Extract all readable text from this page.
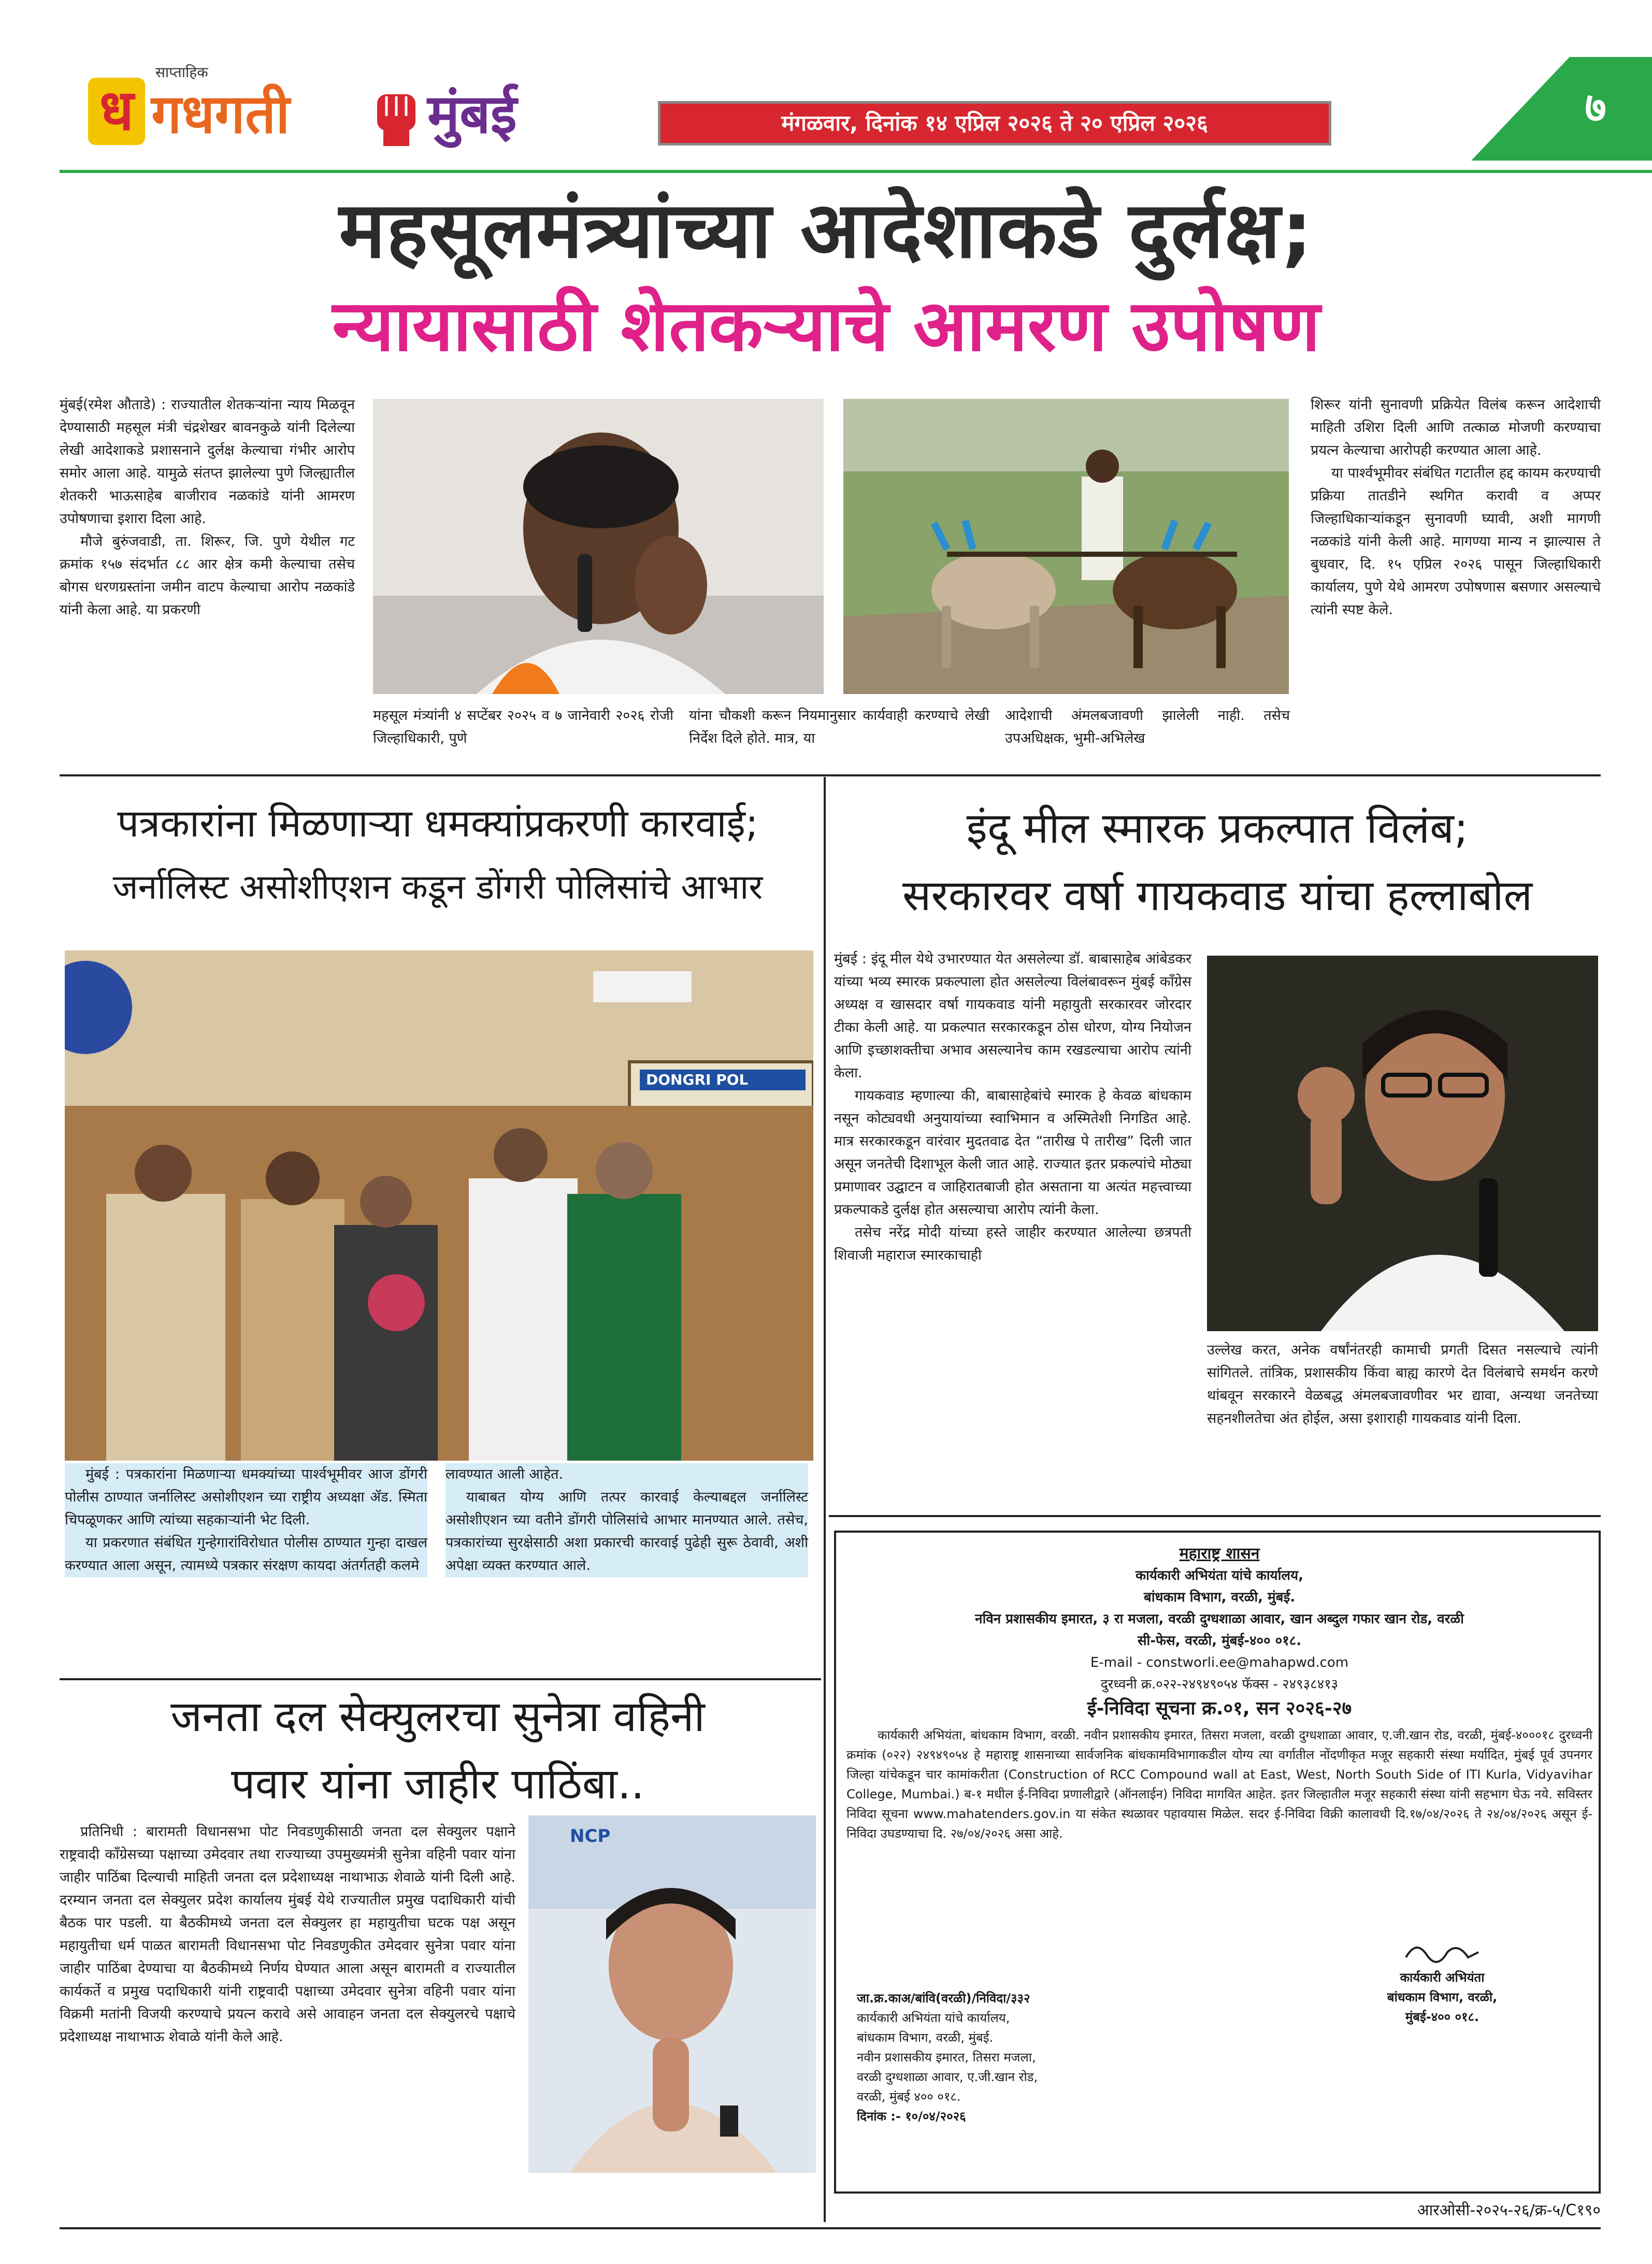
साप्ताहिक
ध गधगती	मुंबई	मंगळवार, दिनांक १४ एप्रिल २०२६ ते २० एप्रिल २०२६	७
महसूलमंत्र्यांच्या आदेशाकडे दुर्लक्ष;
न्यायासाठी शेतकऱ्याचे आमरण उपोषण

मुंबई(रमेश औताडे) : राज्यातील शेतकऱ्यांना न्याय मिळवून देण्यासाठी महसूल मंत्री चंद्रशेखर बावनकुळे यांनी दिलेल्या लेखी आदेशाकडे प्रशासनाने दुर्लक्ष केल्याचा गंभीर आरोप समोर आला आहे. यामुळे संतप्त झालेल्या पुणे जिल्ह्यातील शेतकरी भाऊसाहेब बाजीराव नळकांडे यांनी आमरण उपोषणाचा इशारा दिला आहे.

मौजे बुरुंजवाडी, ता. शिरूर, जि. पुणे येथील गट क्रमांक १५७ संदर्भात ८८ आर क्षेत्र कमी केल्याचा तसेच बोगस धरणग्रस्तांना जमीन वाटप केल्याचा आरोप नळकांडे यांनी केला आहे. या प्रकरणी

महसूल मंत्र्यांनी ४ सप्टेंबर २०२५ व ७ जानेवारी २०२६ रोजी जिल्हाधिकारी, पुणे
यांना चौकशी करून नियमानुसार कार्यवाही करण्याचे लेखी निर्देश दिले होते. मात्र, या
आदेशाची अंमलबजावणी झालेली नाही. तसेच उपअधिक्षक, भुमी-अभिलेख

शिरूर यांनी सुनावणी प्रक्रियेत विलंब करून आदेशाची माहिती उशिरा दिली आणि तत्काळ मोजणी करण्याचा प्रयत्न केल्याचा आरोपही करण्यात आला आहे.

या पार्श्वभूमीवर संबंधित गटातील हद्द कायम करण्याची प्रक्रिया तातडीने स्थगित करावी व अप्पर जिल्हाधिकाऱ्यांकडून सुनावणी घ्यावी, अशी मागणी नळकांडे यांनी केली आहे. मागण्या मान्य न झाल्यास ते बुधवार, दि. १५ एप्रिल २०२६ पासून जिल्हाधिकारी कार्यालय, पुणे येथे आमरण उपोषणास बसणार असल्याचे त्यांनी स्पष्ट केले.

पत्रकारांना मिळणाऱ्या धमक्यांप्रकरणी कारवाई;
जर्नालिस्ट असोशीएशन कडून डोंगरी पोलिसांचे आभार
DONGRI POL

मुंबई : पत्रकारांना मिळणाऱ्या धमक्यांच्या पार्श्वभूमीवर आज डोंगरी पोलीस ठाण्यात जर्नालिस्ट असोशीएशन च्या राष्ट्रीय अध्यक्षा ॲड. स्मिता चिपळूणकर आणि त्यांच्या सहकाऱ्यांनी भेट दिली.

या प्रकरणात संबंधित गुन्हेगारांविरोधात पोलीस ठाण्यात गुन्हा दाखल करण्यात आला असून, त्यामध्ये पत्रकार संरक्षण कायदा अंतर्गतही कलमे

लावण्यात आली आहेत.

याबाबत योग्य आणि तत्पर कारवाई केल्याबद्दल जर्नालिस्ट असोशीएशन च्या वतीने डोंगरी पोलिसांचे आभार मानण्यात आले. तसेच, पत्रकारांच्या सुरक्षेसाठी अशा प्रकारची कारवाई पुढेही सुरू ठेवावी, अशी अपेक्षा व्यक्त करण्यात आले.

जनता दल सेक्युलरचा सुनेत्रा वहिनी
पवार यांना जाहीर पाठिंबा..
प्रतिनिधी : बारामती विधानसभा पोट निवडणुकीसाठी जनता दल सेक्युलर पक्षाने राष्ट्रवादी कॉंग्रेसच्या पक्षाच्या उमेदवार तथा राज्याच्या उपमुख्यमंत्री सुनेत्रा वहिनी पवार यांना जाहीर पाठिंबा दिल्याची माहिती जनता दल प्रदेशाध्यक्ष नाथाभाऊ शेवाळे यांनी दिली आहे. दरम्यान जनता दल सेक्युलर प्रदेश कार्यालय मुंबई येथे राज्यातील प्रमुख पदाधिकारी यांची बैठक पार पडली. या बैठकीमध्ये जनता दल सेक्युलर हा महायुतीचा घटक पक्ष असून महायुतीचा धर्म पाळत बारामती विधानसभा पोट निवडणुकीत उमेदवार सुनेत्रा पवार यांना जाहीर पाठिंबा देण्याचा या बैठकीमध्ये निर्णय घेण्यात आला असून बारामती व राज्यातील कार्यकर्ते व प्रमुख पदाधिकारी यांनी राष्ट्रवादी पक्षाच्या उमेदवार सुनेत्रा वहिनी पवार यांना विक्रमी मतांनी विजयी करण्याचे प्रयत्न करावे असे आवाहन जनता दल सेक्युलरचे पक्षाचे प्रदेशाध्यक्ष नाथाभाऊ शेवाळे यांनी केले आहे.
NCP
इंदू मील स्मारक प्रकल्पात विलंब;
सरकारवर वर्षा गायकवाड यांचा हल्लाबोल

मुंबई : इंदू मील येथे उभारण्यात येत असलेल्या डॉ. बाबासाहेब आंबेडकर यांच्या भव्य स्मारक प्रकल्पाला होत असलेल्या विलंबावरून मुंबई काँग्रेस अध्यक्ष व खासदार वर्षा गायकवाड यांनी महायुती सरकारवर जोरदार टीका केली आहे. या प्रकल्पात सरकारकडून ठोस धोरण, योग्य नियोजन आणि इच्छाशक्तीचा अभाव असल्यानेच काम रखडल्याचा आरोप त्यांनी केला.

गायकवाड म्हणाल्या की, बाबासाहेबांचे स्मारक हे केवळ बांधकाम नसून कोट्यवधी अनुयायांच्या स्वाभिमान व अस्मितेशी निगडित आहे. मात्र सरकारकडून वारंवार मुदतवाढ देत “तारीख पे तारीख” दिली जात असून जनतेची दिशाभूल केली जात आहे. राज्यात इतर प्रकल्पांचे मोठ्या प्रमाणावर उद्घाटन व जाहिरातबाजी होत असताना या अत्यंत महत्त्वाच्या प्रकल्पाकडे दुर्लक्ष होत असल्याचा आरोप त्यांनी केला.

तसेच नरेंद्र मोदी यांच्या हस्ते जाहीर करण्यात आलेल्या छत्रपती शिवाजी महाराज स्मारकाचाही

उल्लेख करत, अनेक वर्षांनंतरही कामाची प्रगती दिसत नसल्याचे त्यांनी सांगितले. तांत्रिक, प्रशासकीय किंवा बाह्य कारणे देत विलंबाचे समर्थन करणे थांबवून सरकारने वेळबद्ध अंमलबजावणीवर भर द्यावा, अन्यथा जनतेच्या सहनशीलतेचा अंत होईल, असा इशाराही गायकवाड यांनी दिला.
महाराष्ट्र शासन
कार्यकारी अभियंता यांचे कार्यालय,
बांधकाम विभाग, वरळी, मुंबई.
नविन प्रशासकीय इमारत, ३ रा मजला, वरळी दुग्धशाळा आवार, खान अब्दुल गफार खान रोड, वरळी
सी-फेस, वरळी, मुंबई-४०० ०१८.
E-mail - constworli.ee@mahapwd.com
दुरध्वनी क्र.०२२-२४९४९०५४ फॅक्स - २४९३८४१३
ई-निविदा सूचना क्र.०१, सन २०२६-२७
कार्यकारी अभियंता, बांधकाम विभाग, वरळी. नवीन प्रशासकीय इमारत, तिसरा मजला, वरळी दुग्धशाळा आवार, ए.जी.खान रोड, वरळी, मुंबई-४०००१८ दुरध्वनी क्रमांक (०२२) २४९४९०५४ हे महाराष्ट्र शासनाच्या सार्वजनिक बांधकामविभागाकडील योग्य त्या वर्गातील नोंदणीकृत मजूर सहकारी संस्था मर्यादित, मुंबई पूर्व उपनगर जिल्हा यांचेकडून चार कामांकरीता (Construction of RCC Compound wall at East, West, North South Side of ITI Kurla, Vidyavihar College, Mumbai.) ब-१ मधील ई-निविदा प्रणालीद्वारे (ऑनलाईन) निविदा मागवित आहेत. इतर जिल्हातील मजूर सहकारी संस्था यांनी सहभाग घेऊ नये. सविस्तर निविदा सूचना www.mahatenders.gov.in या संकेत स्थळावर पहावयास मिळेल. सदर ई-निविदा विक्री कालावधी दि.१७/०४/२०२६ ते २४/०४/२०२६ असून ई-निविदा उघडण्याचा दि. २७/०४/२०२६ असा आहे.
जा.क्र.काअ/बांवि(वरळी)/निविदा/३३२
कार्यकारी अभियंता यांचे कार्यालय,
बांधकाम विभाग, वरळी, मुंबई.
नवीन प्रशासकीय इमारत, तिसरा मजला,
वरळी दुग्धशाळा आवार, ए.जी.खान रोड,
वरळी, मुंबई ४०० ०१८.
दिनांक :- १०/०४/२०२६
कार्यकारी अभियंता
बांधकाम विभाग, वरळी,
मुंबई-४०० ०१८.
आरओसी-२०२५-२६/क्र-५/C१९०
